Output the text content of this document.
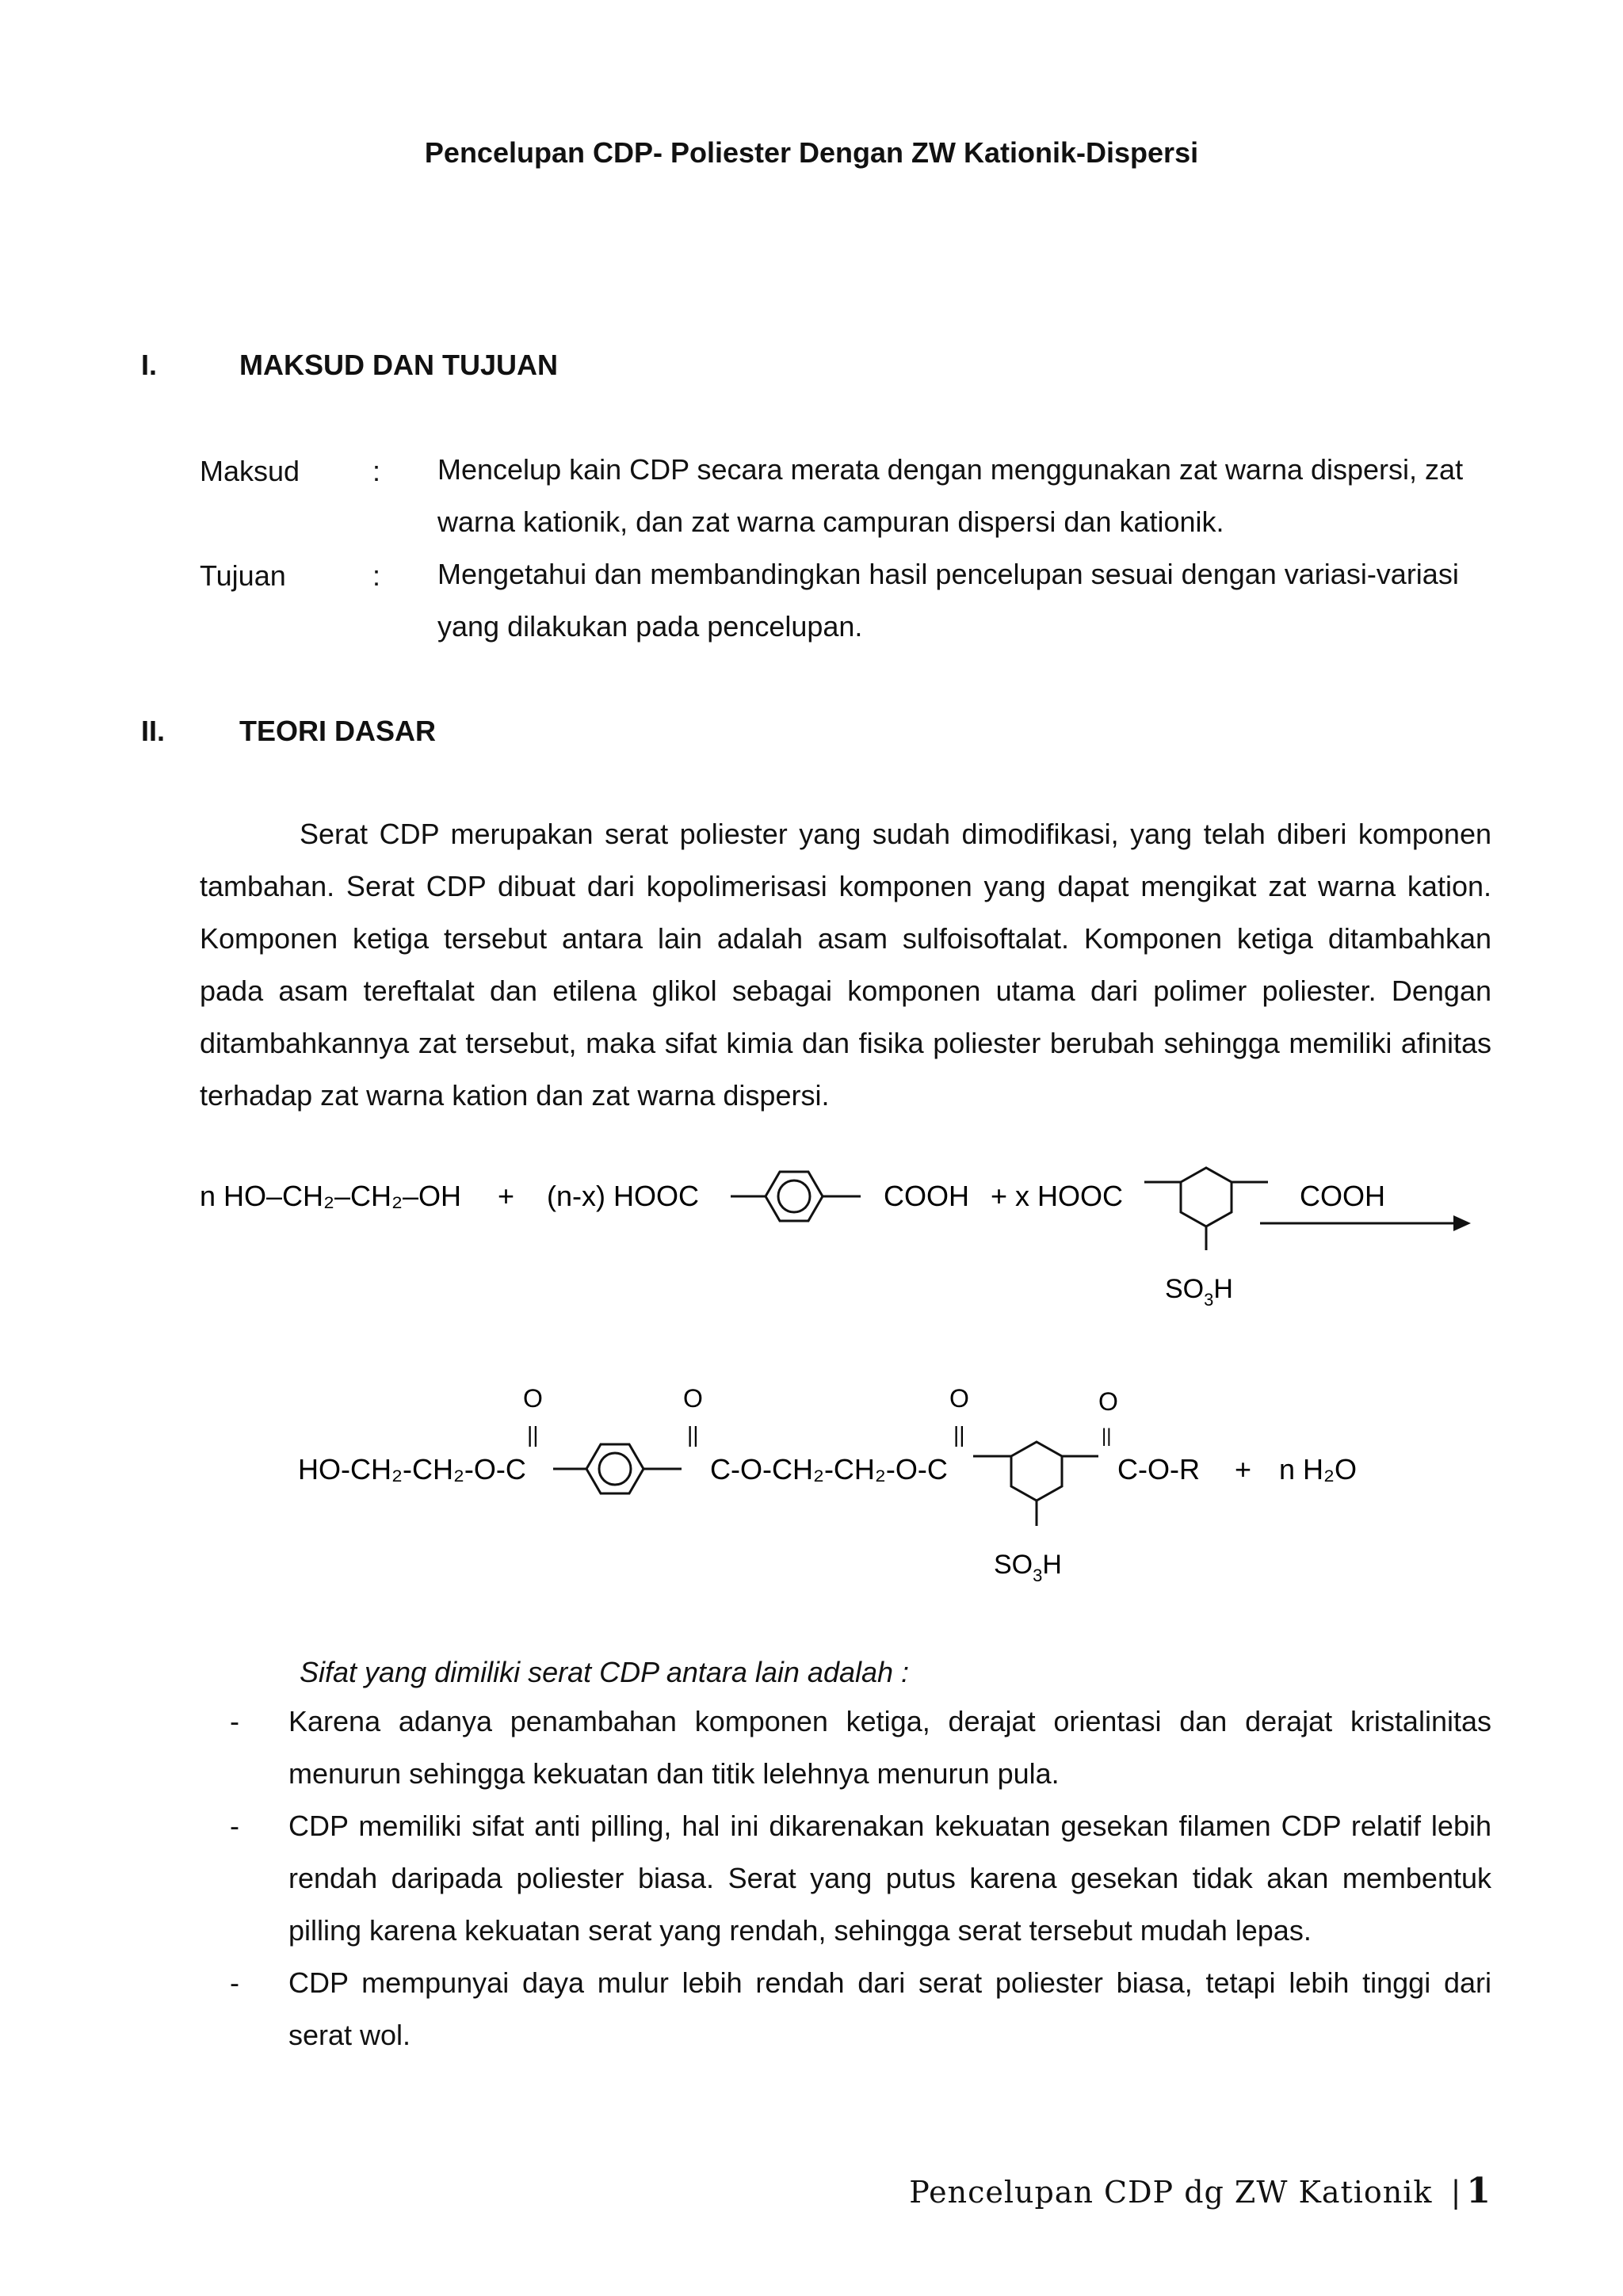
Pencelupan CDP- Poliester Dengan ZW Kationik-Dispersi
I.	MAKSUD DAN TUJUAN
Maksud	: Mencelup kain CDP secara merata dengan menggunakan zat warna dispersi, zat warna kationik, dan zat warna campuran dispersi dan kationik.
Tujuan	: Mengetahui dan membandingkan hasil pencelupan sesuai dengan variasi-variasi yang dilakukan pada pencelupan.
II.	TEORI DASAR

Serat CDP merupakan serat poliester yang sudah dimodifikasi, yang telah diberi komponen tambahan. Serat CDP dibuat dari kopolimerisasi komponen yang dapat mengikat zat warna kation. Komponen ketiga tersebut antara lain adalah asam sulfoisoftalat. Komponen ketiga ditambahkan pada asam tereftalat dan etilena glikol sebagai komponen utama dari polimer poliester. Dengan ditambahkannya zat tersebut, maka sifat kimia dan fisika poliester berubah sehingga memiliki afinitas terhadap zat warna kation dan zat warna dispersi.

n HO–CH₂–CH₂–OH + (n-x) HOOC	COOH + x HOOC
$SO_3H$
COOH
O
||
O
||
O
||
O
||
HO-CH₂-CH₂-O-C	C-O-CH₂-CH₂-O-C
$SO_3H$
C-O-R + n H₂O
Sifat yang dimiliki serat CDP antara lain adalah :
- Karena adanya penambahan komponen ketiga, derajat orientasi dan derajat kristalinitas menurun sehingga kekuatan dan titik lelehnya menurun pula.
- CDP memiliki sifat anti pilling, hal ini dikarenakan kekuatan gesekan filamen CDP relatif lebih rendah daripada poliester biasa. Serat yang putus karena gesekan tidak akan membentuk pilling karena kekuatan serat yang rendah, sehingga serat tersebut mudah lepas.
- CDP mempunyai daya mulur lebih rendah dari serat poliester biasa, tetapi lebih tinggi dari serat wol.
Pencelupan CDP dg ZW Kationik | 1
